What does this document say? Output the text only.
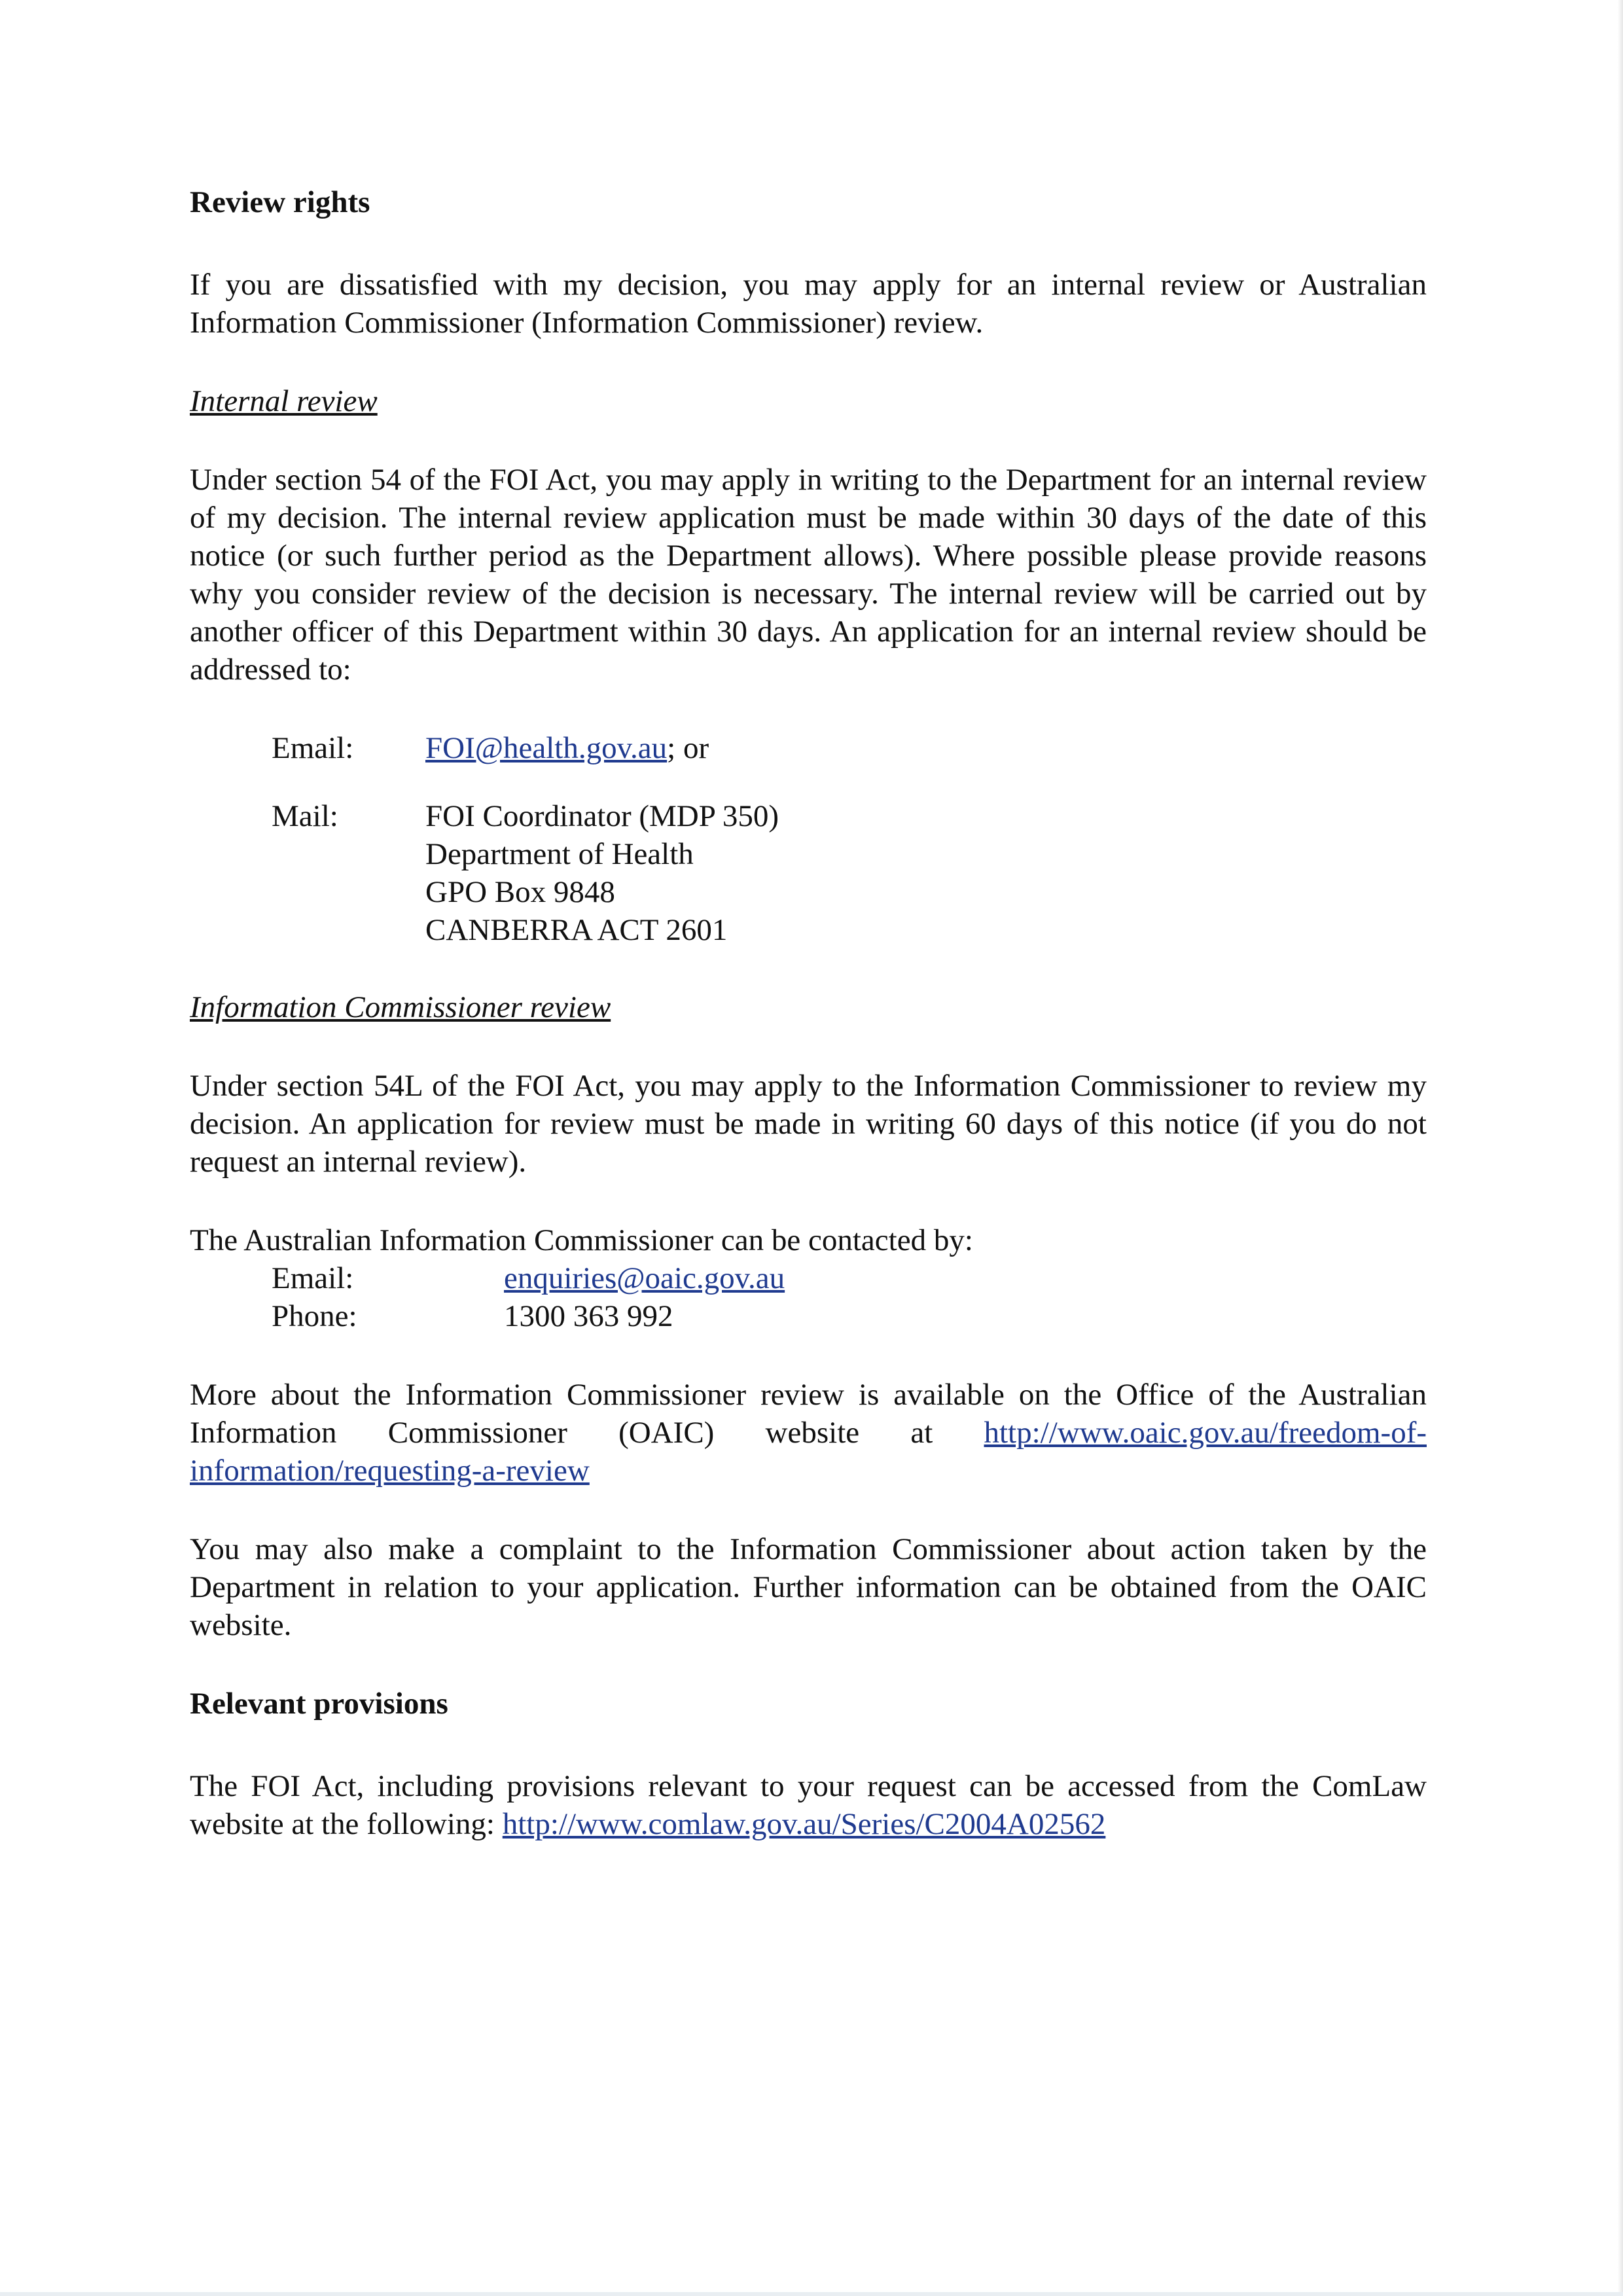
Review rights

If you are dissatisfied with my decision, you may apply for an internal review or Australian Information Commissioner (Information Commissioner) review.

Internal review

Under section 54 of the FOI Act, you may apply in writing to the Department for an internal review of my decision. The internal review application must be made within 30 days of the date of this notice (or such further period as the Department allows). Where possible please provide reasons why you consider review of the decision is necessary. The internal review will be carried out by another officer of this Department within 30 days. An application for an internal review should be addressed to:

Email:	FOI@health.gov.au; or
Mail:	FOI Coordinator (MDP 350)
Department of Health
GPO Box 9848
CANBERRA ACT 2601
Information Commissioner review

Under section 54L of the FOI Act, you may apply to the Information Commissioner to review my decision. An application for review must be made in writing 60 days of this notice (if you do not request an internal review).

The Australian Information Commissioner can be contacted by:

Email:	enquiries@oaic.gov.au
Phone:	1300 363 992

More about the Information Commissioner review is available on the Office of the Australian Information Commissioner (OAIC) website at http://www.oaic.gov.au/freedom-of-information/requesting-a-review

You may also make a complaint to the Information Commissioner about action taken by the Department in relation to your application. Further information can be obtained from the OAIC website.

Relevant provisions

The FOI Act, including provisions relevant to your request can be accessed from the ComLaw website at the following: http://www.comlaw.gov.au/Series/C2004A02562
